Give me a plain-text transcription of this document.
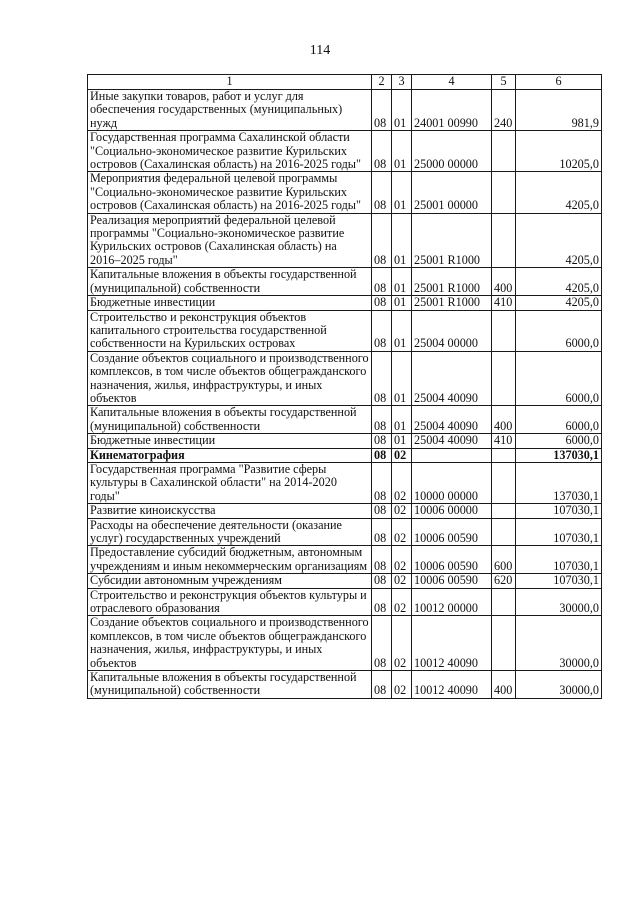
114
1	2	3	4	5	6
Иные закупки товаров, работ и услуг для обеспечения государственных (муниципальных) нужд	08	01	24001 00990	240	981,9
Государственная программа Сахалинской области "Социально-экономическое развитие Курильских островов (Сахалинская область) на 2016-2025 годы"	08	01	25000 00000		10205,0
Мероприятия федеральной целевой программы "Социально-экономическое развитие Курильских островов (Сахалинская область) на 2016-2025 годы"	08	01	25001 00000		4205,0
Реализация мероприятий федеральной целевой программы "Социально-экономическое развитие Курильских островов (Сахалинская область) на 2016–2025 годы"	08	01	25001 R1000		4205,0
Капитальные вложения в объекты государственной (муниципальной) собственности	08	01	25001 R1000	400	4205,0
Бюджетные инвестиции	08	01	25001 R1000	410	4205,0
Строительство и реконструкция объектов капитального строительства государственной собственности на Курильских островах	08	01	25004 00000		6000,0
Создание объектов социального и производственного комплексов, в том числе объектов общегражданского назначения, жилья, инфраструктуры, и иных объектов	08	01	25004 40090		6000,0
Капитальные вложения в объекты государственной (муниципальной) собственности	08	01	25004 40090	400	6000,0
Бюджетные инвестиции	08	01	25004 40090	410	6000,0
Кинематография	08	02			137030,1
Государственная программа "Развитие сферы культуры в Сахалинской области" на 2014-2020 годы"	08	02	10000 00000		137030,1
Развитие киноискусства	08	02	10006 00000		107030,1
Расходы на обеспечение деятельности (оказание услуг) государственных учреждений	08	02	10006 00590		107030,1
Предоставление субсидий бюджетным, автономным учреждениям и иным некоммерческим организациям	08	02	10006 00590	600	107030,1
Субсидии автономным учреждениям	08	02	10006 00590	620	107030,1
Строительство и реконструкция объектов культуры и отраслевого образования	08	02	10012 00000		30000,0
Создание объектов социального и производственного комплексов, в том числе объектов общегражданского назначения, жилья, инфраструктуры, и иных объектов	08	02	10012 40090		30000,0
Капитальные вложения в объекты государственной (муниципальной) собственности	08	02	10012 40090	400	30000,0
